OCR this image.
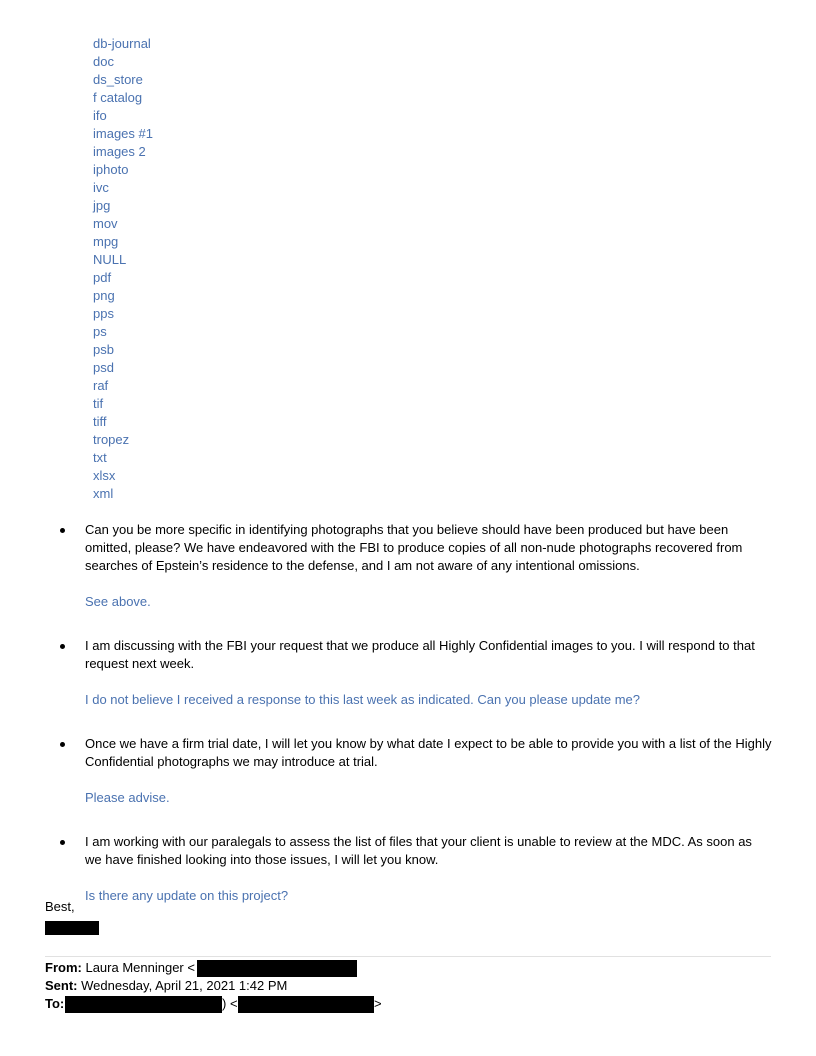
db-journal
doc
ds_store
f catalog
ifo
images #1
images 2
iphoto
ivc
jpg
mov
mpg
NULL
pdf
png
pps
ps
psb
psd
raf
tif
tiff
tropez
txt
xlsx
xml
Can you be more specific in identifying photographs that you believe should have been produced but have been omitted, please? We have endeavored with the FBI to produce copies of all non-nude photographs recovered from searches of Epstein’s residence to the defense, and I am not aware of any intentional omissions.
See above.
I am discussing with the FBI your request that we produce all Highly Confidential images to you. I will respond to that request next week.
I do not believe I received a response to this last week as indicated. Can you please update me?
Once we have a firm trial date, I will let you know by what date I expect to be able to provide you with a list of the Highly Confidential photographs we may introduce at trial.
Please advise.
I am working with our paralegals to assess the list of files that your client is unable to review at the MDC. As soon as we have finished looking into those issues, I will let you know.
Is there any update on this project?
Best,
From: Laura Menninger <
Sent: Wednesday, April 21, 2021 1:42 PM
To:	) <	>
